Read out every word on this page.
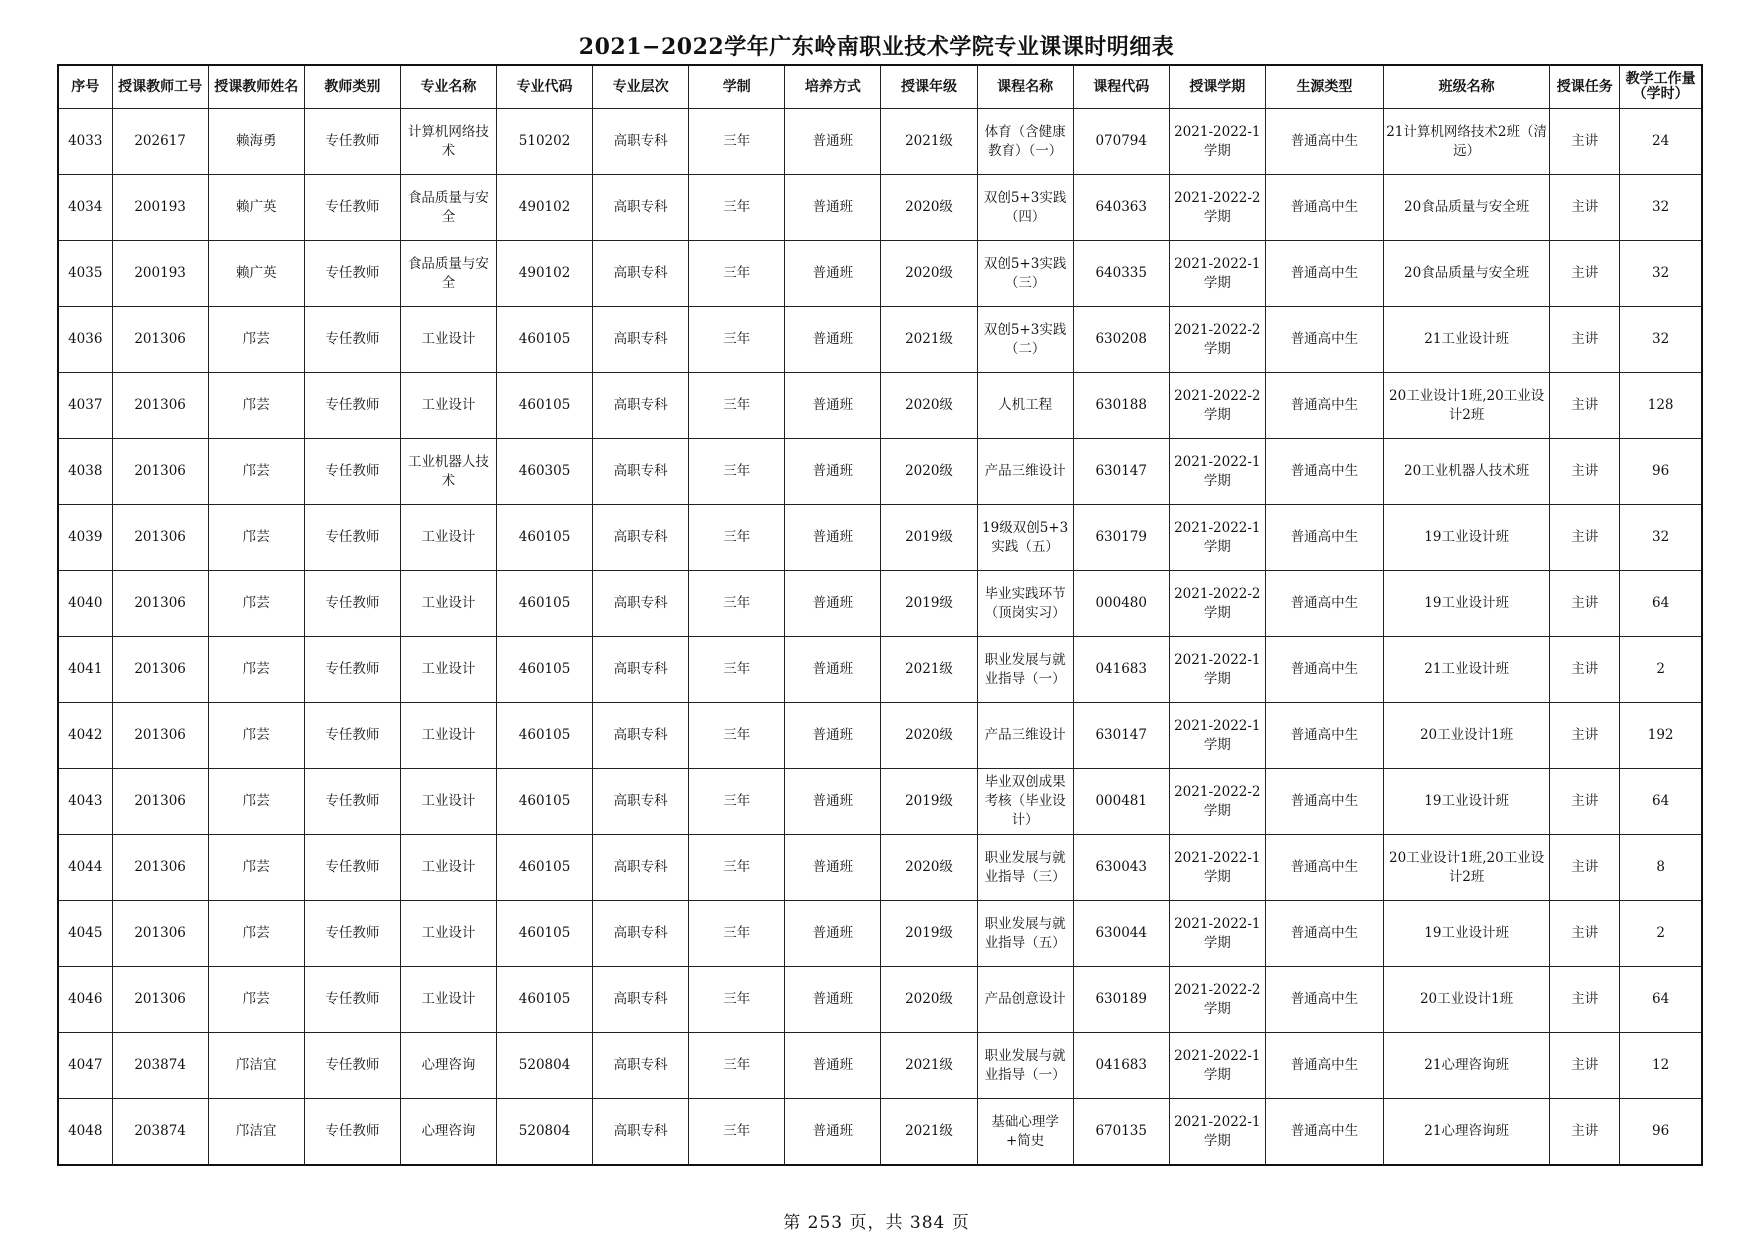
2021−2022学年广东岭南职业技术学院专业课课时明细表
序号	授课教师工号	授课教师姓名	教师类别	专业名称	专业代码	专业层次	学制	培养方式	授课年级	课程名称	课程代码	授课学期	生源类型	班级名称	授课任务	教学工作量（学时）
4033	202617	赖海勇	专任教师	计算机网络技术	510202	高职专科	三年	普通班	2021级	体育（含健康教育）（一）	070794	2021-2022-1学期	普通高中生	21计算机网络技术2班（清远）	主讲	24
4034	200193	赖广英	专任教师	食品质量与安全	490102	高职专科	三年	普通班	2020级	双创5+3实践（四）	640363	2021-2022-2学期	普通高中生	20食品质量与安全班	主讲	32
4035	200193	赖广英	专任教师	食品质量与安全	490102	高职专科	三年	普通班	2020级	双创5+3实践（三）	640335	2021-2022-1学期	普通高中生	20食品质量与安全班	主讲	32
4036	201306	邝芸	专任教师	工业设计	460105	高职专科	三年	普通班	2021级	双创5+3实践（二）	630208	2021-2022-2学期	普通高中生	21工业设计班	主讲	32
4037	201306	邝芸	专任教师	工业设计	460105	高职专科	三年	普通班	2020级	人机工程	630188	2021-2022-2学期	普通高中生	20工业设计1班,20工业设计2班	主讲	128
4038	201306	邝芸	专任教师	工业机器人技术	460305	高职专科	三年	普通班	2020级	产品三维设计	630147	2021-2022-1学期	普通高中生	20工业机器人技术班	主讲	96
4039	201306	邝芸	专任教师	工业设计	460105	高职专科	三年	普通班	2019级	19级双创5+3实践（五）	630179	2021-2022-1学期	普通高中生	19工业设计班	主讲	32
4040	201306	邝芸	专任教师	工业设计	460105	高职专科	三年	普通班	2019级	毕业实践环节（顶岗实习）	000480	2021-2022-2学期	普通高中生	19工业设计班	主讲	64
4041	201306	邝芸	专任教师	工业设计	460105	高职专科	三年	普通班	2021级	职业发展与就业指导（一）	041683	2021-2022-1学期	普通高中生	21工业设计班	主讲	2
4042	201306	邝芸	专任教师	工业设计	460105	高职专科	三年	普通班	2020级	产品三维设计	630147	2021-2022-1学期	普通高中生	20工业设计1班	主讲	192
4043	201306	邝芸	专任教师	工业设计	460105	高职专科	三年	普通班	2019级	毕业双创成果考核（毕业设计）	000481	2021-2022-2学期	普通高中生	19工业设计班	主讲	64
4044	201306	邝芸	专任教师	工业设计	460105	高职专科	三年	普通班	2020级	职业发展与就业指导（三）	630043	2021-2022-1学期	普通高中生	20工业设计1班,20工业设计2班	主讲	8
4045	201306	邝芸	专任教师	工业设计	460105	高职专科	三年	普通班	2019级	职业发展与就业指导（五）	630044	2021-2022-1学期	普通高中生	19工业设计班	主讲	2
4046	201306	邝芸	专任教师	工业设计	460105	高职专科	三年	普通班	2020级	产品创意设计	630189	2021-2022-2学期	普通高中生	20工业设计1班	主讲	64
4047	203874	邝洁宜	专任教师	心理咨询	520804	高职专科	三年	普通班	2021级	职业发展与就业指导（一）	041683	2021-2022-1学期	普通高中生	21心理咨询班	主讲	12
4048	203874	邝洁宜	专任教师	心理咨询	520804	高职专科	三年	普通班	2021级	基础心理学+简史	670135	2021-2022-1学期	普通高中生	21心理咨询班	主讲	96
第 253 页，共 384 页
